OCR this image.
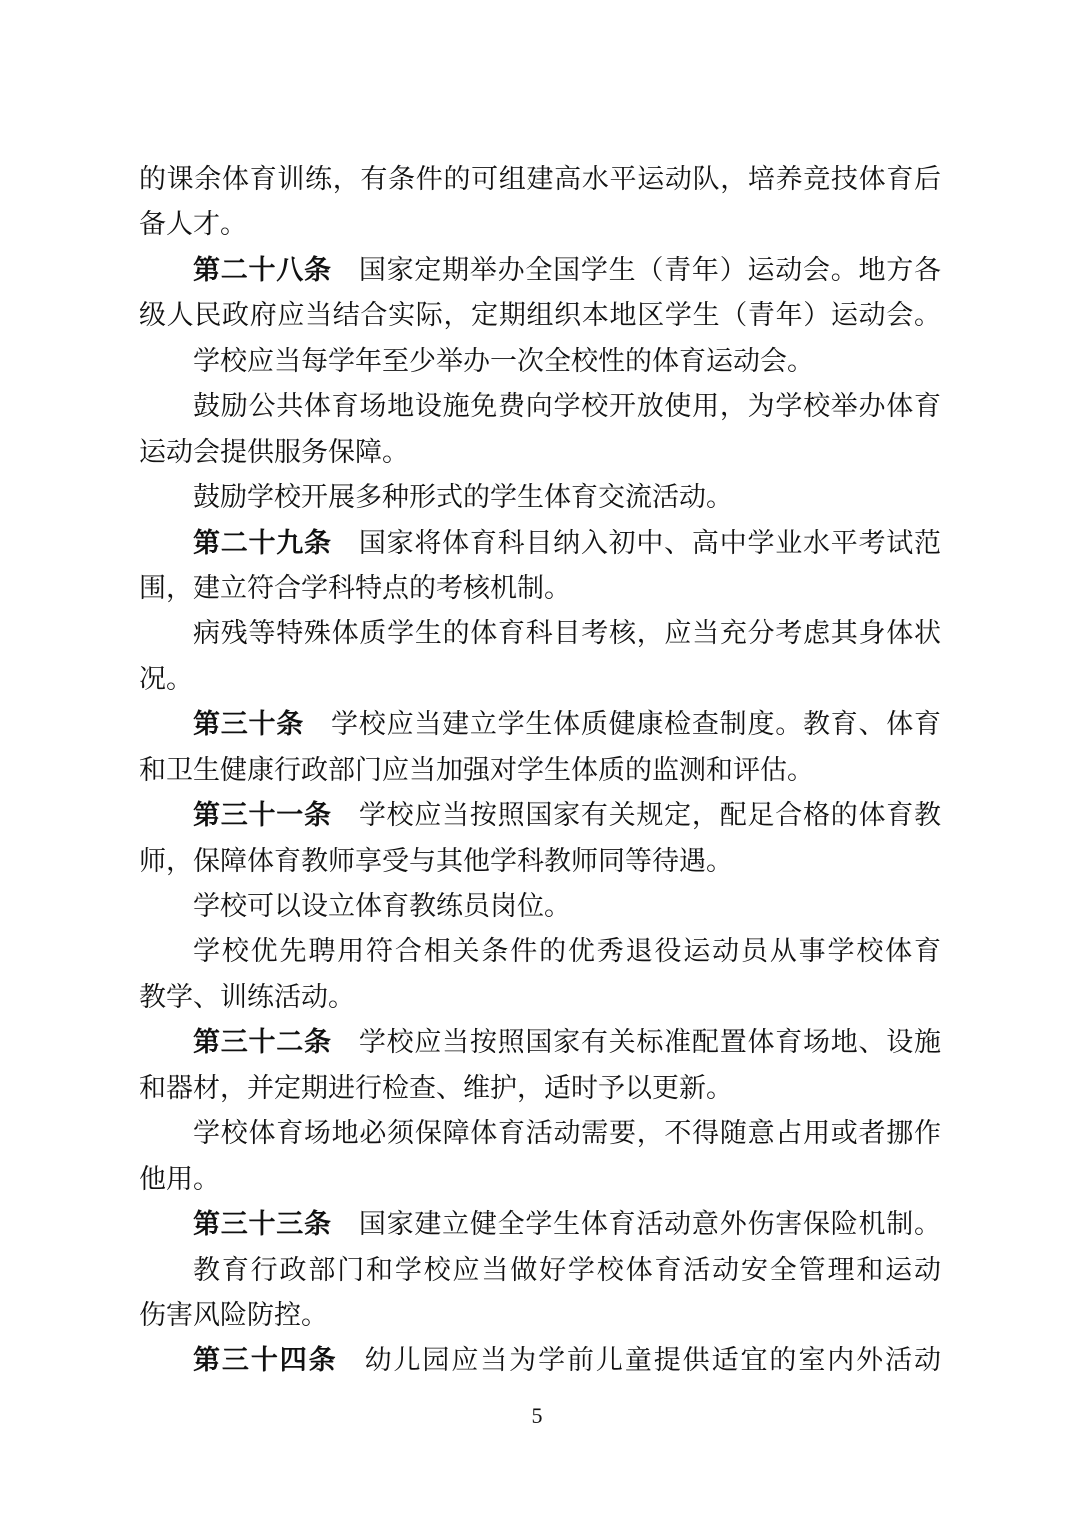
的课余体育训练，有条件的可组建高水平运动队，培养竞技体育后
备人才。
第二十八条 国家定期举办全国学生（青年）运动会。地方各
级人民政府应当结合实际，定期组织本地区学生（青年）运动会。
学校应当每学年至少举办一次全校性的体育运动会。
鼓励公共体育场地设施免费向学校开放使用，为学校举办体育
运动会提供服务保障。
鼓励学校开展多种形式的学生体育交流活动。
第二十九条 国家将体育科目纳入初中、高中学业水平考试范
围，建立符合学科特点的考核机制。
病残等特殊体质学生的体育科目考核，应当充分考虑其身体状
况。
第三十条 学校应当建立学生体质健康检查制度。教育、体育
和卫生健康行政部门应当加强对学生体质的监测和评估。
第三十一条 学校应当按照国家有关规定，配足合格的体育教
师，保障体育教师享受与其他学科教师同等待遇。
学校可以设立体育教练员岗位。
学校优先聘用符合相关条件的优秀退役运动员从事学校体育
教学、训练活动。
第三十二条 学校应当按照国家有关标准配置体育场地、设施
和器材，并定期进行检查、维护，适时予以更新。
学校体育场地必须保障体育活动需要，不得随意占用或者挪作
他用。
第三十三条 国家建立健全学生体育活动意外伤害保险机制。
教育行政部门和学校应当做好学校体育活动安全管理和运动
伤害风险防控。
第三十四条 幼儿园应当为学前儿童提供适宜的室内外活动
5
